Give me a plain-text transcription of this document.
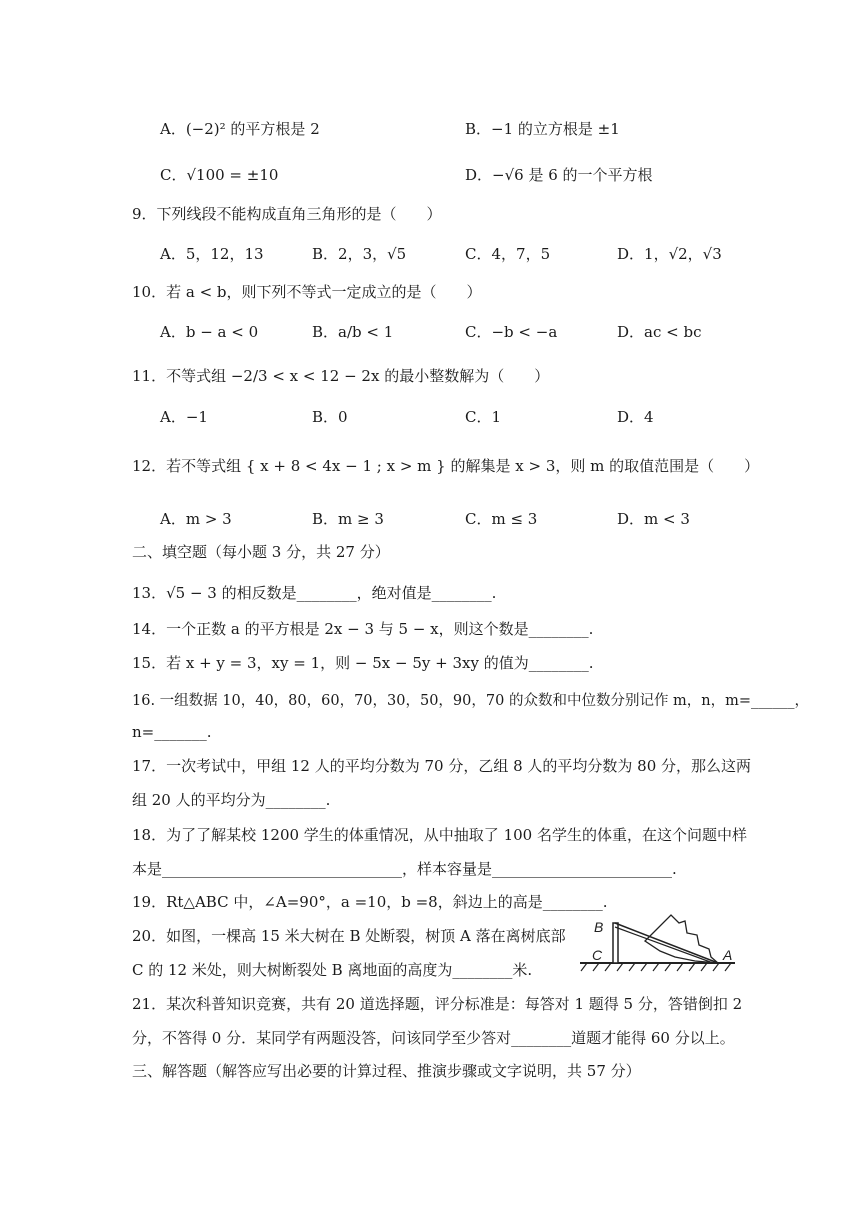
A．(−2)² 的平方根是 2	B．−1 的立方根是 ±1
C．√100 = ±10	D．−√6 是 6 的一个平方根
9．下列线段不能构成直角三角形的是（　　）
A．5，12，13	B．2，3，√5	C．4，7，5	D．1，√2，√3
10．若 a < b，则下列不等式一定成立的是（　　）
A．b − a < 0	B．a/b < 1	C．−b < −a	D．ac < bc
11．不等式组 −2/3 < x < 12 − 2x 的最小整数解为（　　）
A．−1	B．0	C．1	D．4
12．若不等式组 { x + 8 < 4x − 1 ; x > m } 的解集是 x > 3，则 m 的取值范围是（　　）
A．m > 3	B．m ≥ 3	C．m ≤ 3	D．m < 3
二、填空题（每小题 3 分，共 27 分）
13．√5 − 3 的相反数是________，绝对值是________.
14．一个正数 a 的平方根是 2x − 3 与 5 − x，则这个数是________.
15．若 x + y = 3，xy = 1，则 − 5x − 5y + 3xy 的值为________.
16. 一组数据 10，40，80，60，70，30，50，90，70 的众数和中位数分别记作 m，n，m=______，
n=_______.
17．一次考试中，甲组 12 人的平均分数为 70 分，乙组 8 人的平均分数为 80 分，那么这两
组 20 人的平均分为________.
18．为了了解某校 1200 学生的体重情况，从中抽取了 100 名学生的体重，在这个问题中样
本是________________________________，样本容量是________________________.
19．Rt△ABC 中，∠A=90°，a =10，b =8，斜边上的高是________.
20．如图，一棵高 15 米大树在 B 处断裂，树顶 A 落在离树底部
C 的 12 米处，则大树断裂处 B 离地面的高度为________米.
B
C	A
21．某次科普知识竞赛，共有 20 道选择题，评分标准是：每答对 1 题得 5 分，答错倒扣 2
分，不答得 0 分．某同学有两题没答，问该同学至少答对________道题才能得 60 分以上。
三、解答题（解答应写出必要的计算过程、推演步骤或文字说明，共 57 分）
